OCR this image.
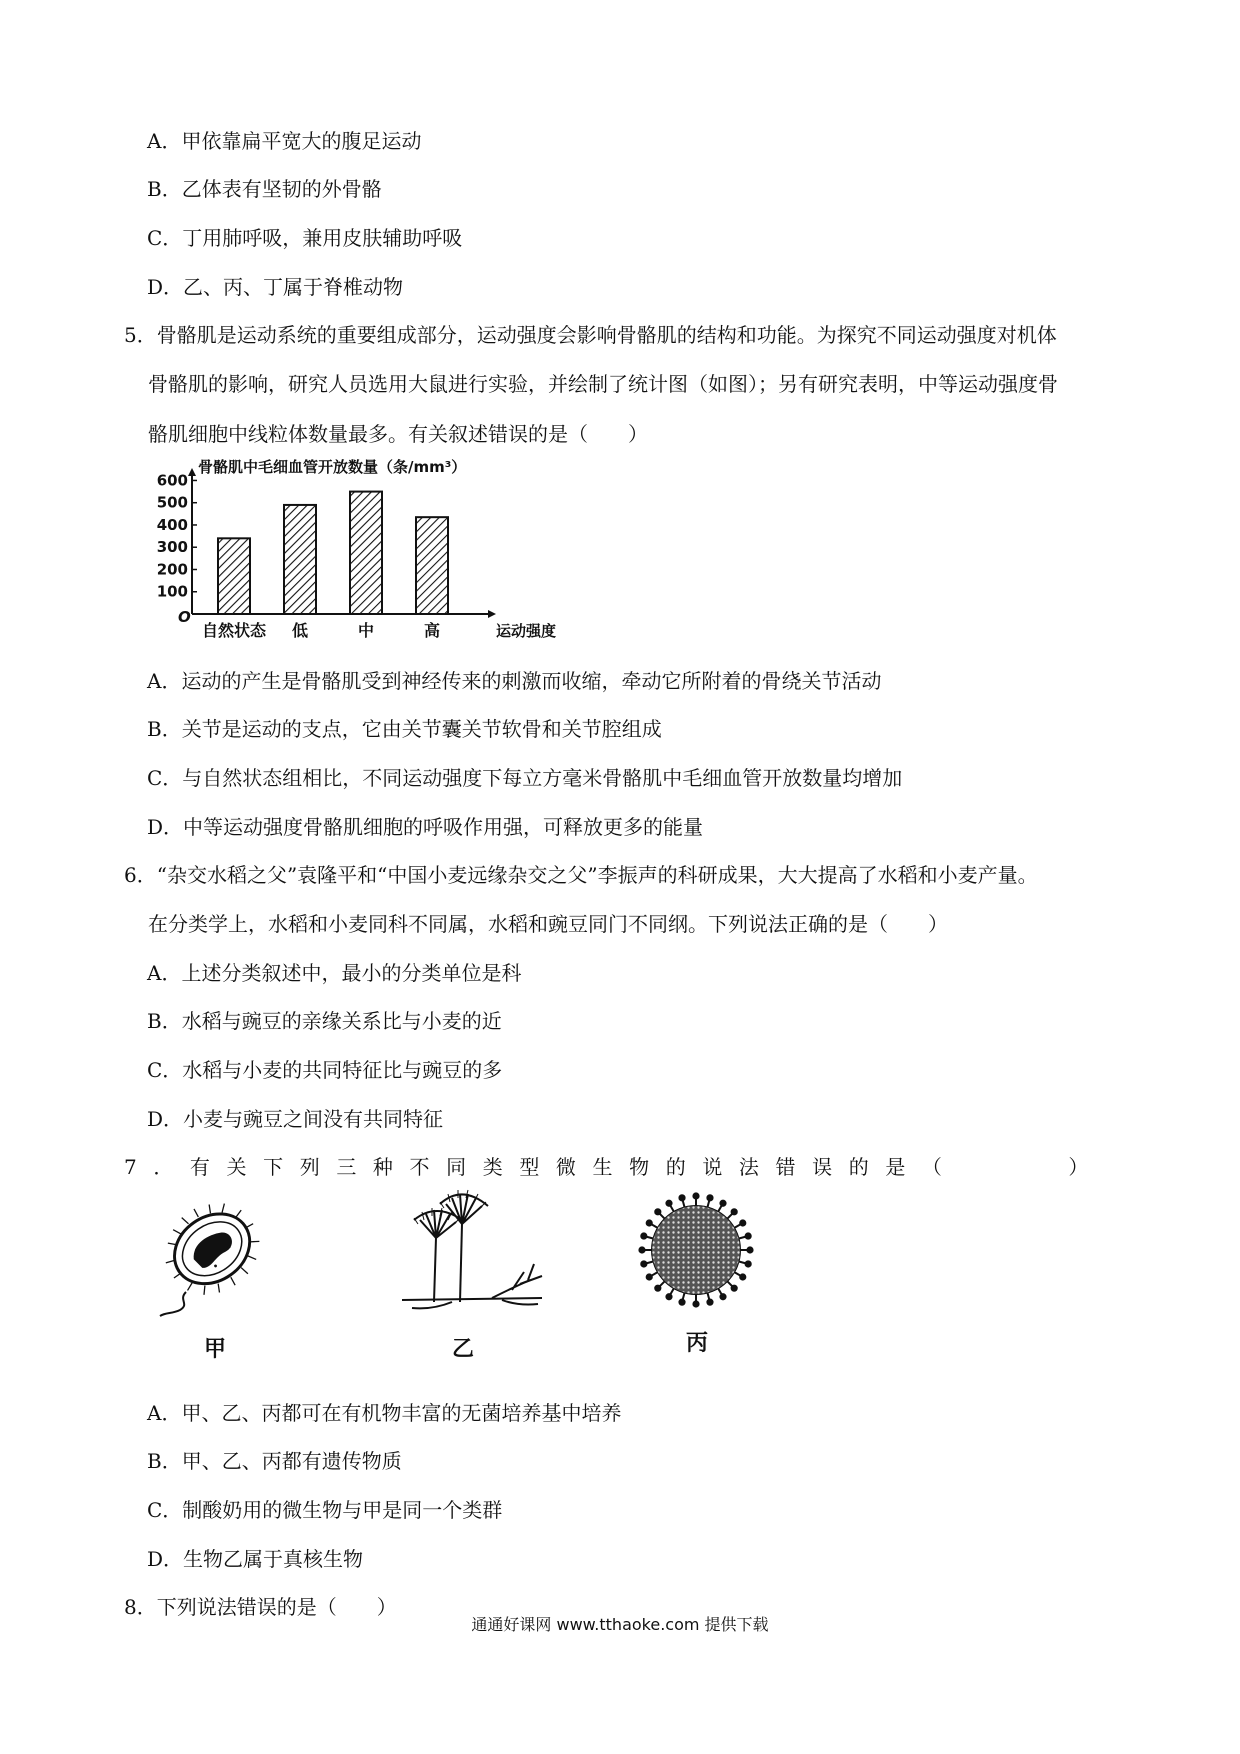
A．甲依靠扁平宽大的腹足运动
B．乙体表有坚韧的外骨骼
C．丁用肺呼吸，兼用皮肤辅助呼吸
D．乙、丙、丁属于脊椎动物
5．骨骼肌是运动系统的重要组成部分，运动强度会影响骨骼肌的结构和功能。为探究不同运动强度对机体
骨骼肌的影响，研究人员选用大鼠进行实验，并绘制了统计图（如图）；另有研究表明，中等运动强度骨
骼肌细胞中线粒体数量最多。有关叙述错误的是（　　）
骨骼肌中毛细血管开放数量（条/mm³）
100
200
300
400
500
600
O
自然状态 低	中	高	运动强度
A．运动的产生是骨骼肌受到神经传来的刺激而收缩，牵动它所附着的骨绕关节活动
B．关节是运动的支点，它由关节囊关节软骨和关节腔组成
C．与自然状态组相比，不同运动强度下每立方毫米骨骼肌中毛细血管开放数量均增加
D．中等运动强度骨骼肌细胞的呼吸作用强，可释放更多的能量
6．“杂交水稻之父”袁隆平和“中国小麦远缘杂交之父”李振声的科研成果，大大提高了水稻和小麦产量。
在分类学上，水稻和小麦同科不同属，水稻和豌豆同门不同纲。下列说法正确的是（　　）
A．上述分类叙述中，最小的分类单位是科
B．水稻与豌豆的亲缘关系比与小麦的近
C．水稻与小麦的共同特征比与豌豆的多
D．小麦与豌豆之间没有共同特征
7．有关下列三种不同类型微生物的说法错误的是（　　　）
甲	乙	丙
A．甲、乙、丙都可在有机物丰富的无菌培养基中培养
B．甲、乙、丙都有遗传物质
C．制酸奶用的微生物与甲是同一个类群
D．生物乙属于真核生物
8．下列说法错误的是（　　）
通通好课网 www.tthaoke.com 提供下载
